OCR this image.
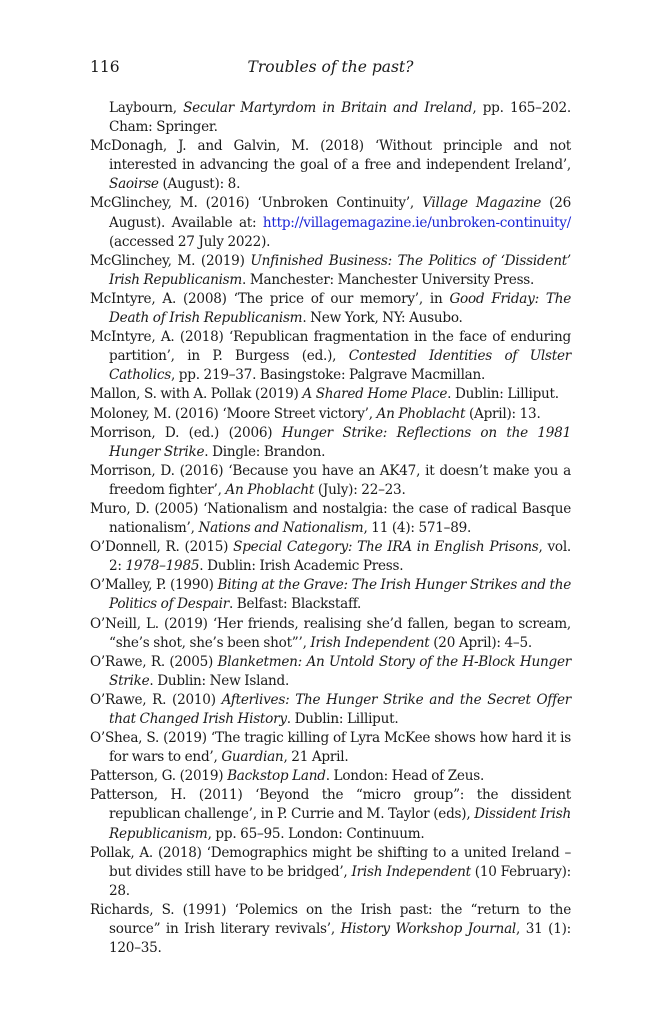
116	Troubles of the past?

Laybourn, Secular Martyrdom in Britain and Ireland, pp. 165–202. Cham: Springer.

McDonagh, J. and Galvin, M. (2018) ‘Without principle and not interested in advancing the goal of a free and independent Ireland’, Saoirse (August): 8.

McGlinchey, M. (2016) ‘Unbroken Continuity’, Village Magazine (26 August). Available at: http://villagemagazine.ie/unbroken-continuity/ (accessed 27 July 2022).

McGlinchey, M. (2019) Unfinished Business: The Politics of ‘Dissident’ Irish Republicanism. Manchester: Manchester University Press.

McIntyre, A. (2008) ‘The price of our memory’, in Good Friday: The Death of Irish Republicanism. New York, NY: Ausubo.

McIntyre, A. (2018) ‘Republican fragmentation in the face of enduring partition’, in P. Burgess (ed.), Contested Identities of Ulster Catholics, pp. 219–37. Basingstoke: Palgrave Macmillan.

Mallon, S. with A. Pollak (2019) A Shared Home Place. Dublin: Lilliput.

Moloney, M. (2016) ‘Moore Street victory’, An Phoblacht (April): 13.

Morrison, D. (ed.) (2006) Hunger Strike: Reflections on the 1981 Hunger Strike. Dingle: Brandon.

Morrison, D. (2016) ‘Because you have an AK47, it doesn’t make you a freedom fighter’, An Phoblacht (July): 22–23.

Muro, D. (2005) ‘Nationalism and nostalgia: the case of radical Basque nationalism’, Nations and Nationalism, 11 (4): 571–89.

O’Donnell, R. (2015) Special Category: The IRA in English Prisons, vol. 2: 1978–1985. Dublin: Irish Academic Press.

O’Malley, P. (1990) Biting at the Grave: The Irish Hunger Strikes and the Politics of Despair. Belfast: Blackstaff.

O’Neill, L. (2019) ‘Her friends, realising she’d fallen, began to scream, “she’s shot, she’s been shot”’, Irish Independent (20 April): 4–5.

O’Rawe, R. (2005) Blanketmen: An Untold Story of the H-Block Hunger Strike. Dublin: New Island.

O’Rawe, R. (2010) Afterlives: The Hunger Strike and the Secret Offer that Changed Irish History. Dublin: Lilliput.

O’Shea, S. (2019) ‘The tragic killing of Lyra McKee shows how hard it is for wars to end’, Guardian, 21 April.

Patterson, G. (2019) Backstop Land. London: Head of Zeus.

Patterson, H. (2011) ‘Beyond the “micro group”: the dissident republican challenge’, in P. Currie and M. Taylor (eds), Dissident Irish Republicanism, pp. 65–95. London: Continuum.

Pollak, A. (2018) ‘Demographics might be shifting to a united Ireland – but divides still have to be bridged’, Irish Independent (10 February): 28.

Richards, S. (1991) ‘Polemics on the Irish past: the “return to the source” in Irish literary revivals’, History Workshop Journal, 31 (1): 120–35.
